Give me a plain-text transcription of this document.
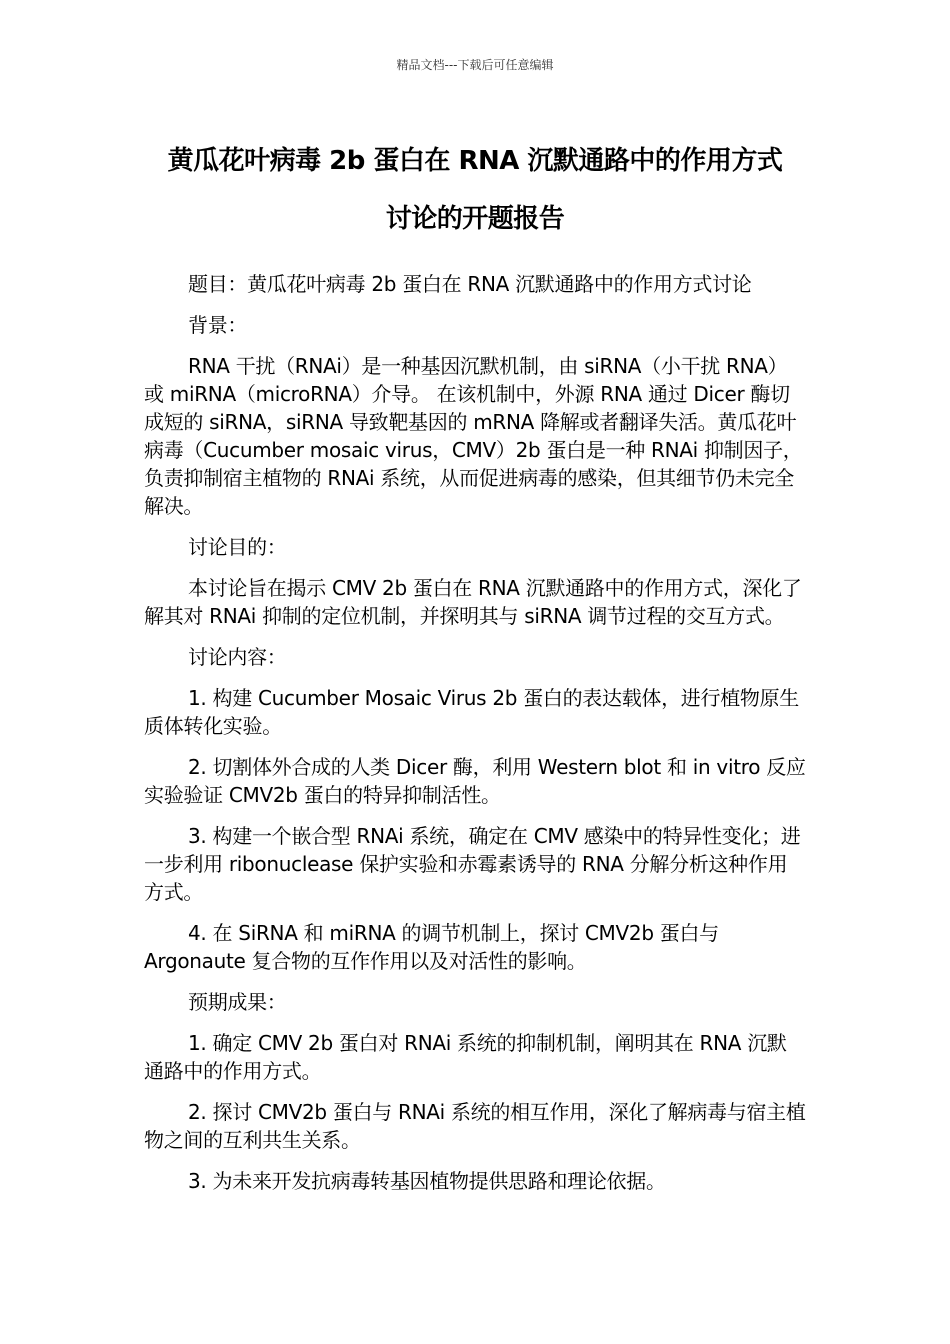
精品文档---下载后可任意编辑
黄瓜花叶病毒 2b 蛋白在 RNA 沉默通路中的作用方式
讨论的开题报告

题目：黄瓜花叶病毒 2b 蛋白在 RNA 沉默通路中的作用方式讨论

背景：

RNA 干扰（RNAi）是一种基因沉默机制，由 siRNA（小干扰 RNA）或 miRNA（microRNA）介导。 在该机制中，外源 RNA 通过 Dicer 酶切成短的 siRNA，siRNA 导致靶基因的 mRNA 降解或者翻译失活。黄瓜花叶病毒（Cucumber mosaic virus，CMV）2b 蛋白是一种 RNAi 抑制因子，负责抑制宿主植物的 RNAi 系统，从而促进病毒的感染，但其细节仍未完全解决。

讨论目的：

本讨论旨在揭示 CMV 2b 蛋白在 RNA 沉默通路中的作用方式，深化了解其对 RNAi 抑制的定位机制，并探明其与 siRNA 调节过程的交互方式。

讨论内容：

1. 构建 Cucumber Mosaic Virus 2b 蛋白的表达载体，进行植物原生质体转化实验。

2. 切割体外合成的人类 Dicer 酶，利用 Western blot 和 in vitro 反应实验验证 CMV2b 蛋白的特异抑制活性。

3. 构建一个嵌合型 RNAi 系统，确定在 CMV 感染中的特异性变化；进一步利用 ribonuclease 保护实验和赤霉素诱导的 RNA 分解分析这种作用方式。

4. 在 SiRNA 和 miRNA 的调节机制上，探讨 CMV2b 蛋白与 Argonaute 复合物的互作作用以及对活性的影响。

预期成果：

1. 确定 CMV 2b 蛋白对 RNAi 系统的抑制机制，阐明其在 RNA 沉默通路中的作用方式。

2. 探讨 CMV2b 蛋白与 RNAi 系统的相互作用，深化了解病毒与宿主植物之间的互利共生关系。

3. 为未来开发抗病毒转基因植物提供思路和理论依据。
